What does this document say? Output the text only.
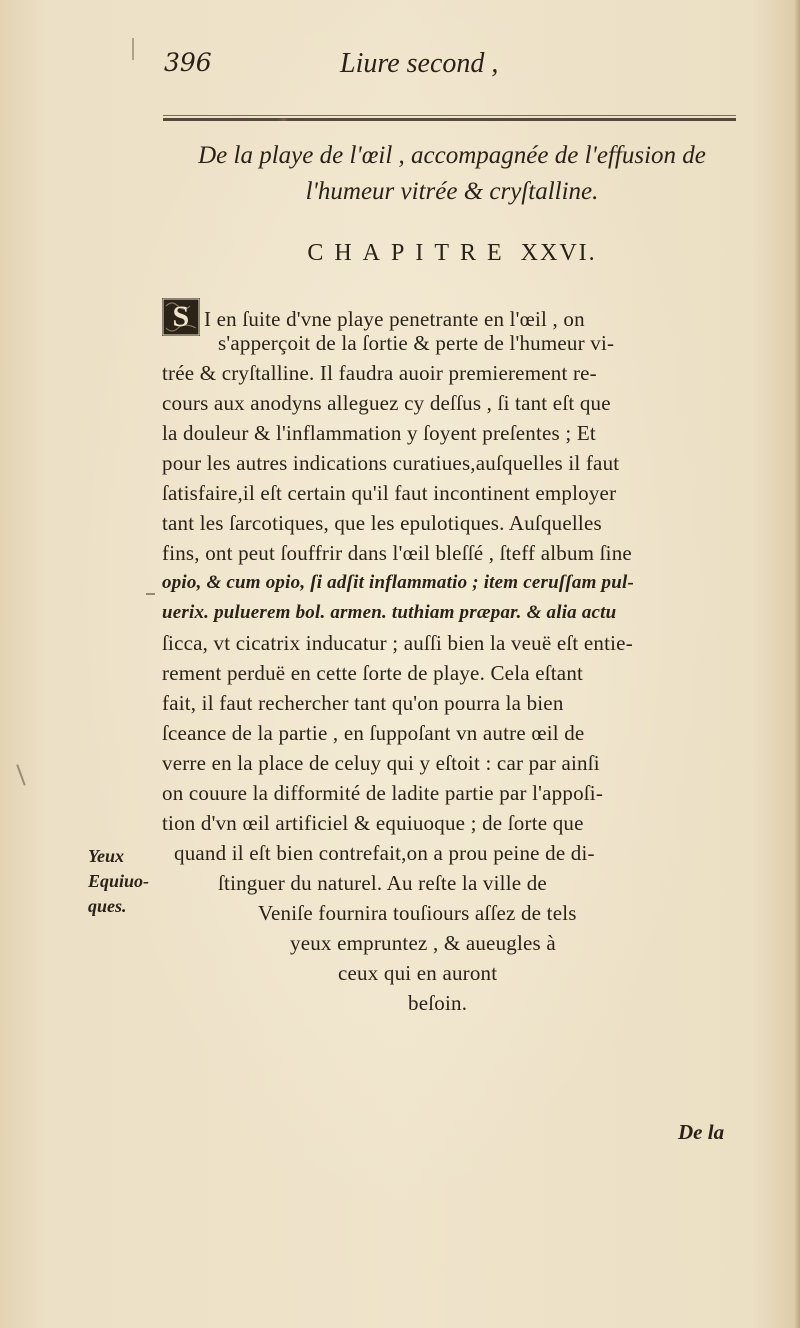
396	Liure second ,
De la playe de l'œil , accompagnée de l'effusion de
l'humeur vitrée & cryſtalline.
CHAPITRE XXVI.
S I en ſuite d'vne playe penetrante en l'œil , on
s'apperçoit de la ſortie & perte de l'humeur vi-
trée & cryſtalline. Il faudra auoir premierement re-
cours aux anodyns alleguez cy deſſus , ſi tant eſt que
la douleur & l'inflammation y ſoyent preſentes ; Et
pour les autres indications curatiues,auſquelles il faut
ſatisfaire,il eſt certain qu'il faut incontinent employer
tant les ſarcotiques, que les epulotiques. Auſquelles
fins, ont peut ſouffrir dans l'œil bleſſé , ſteff album ſine
opio, & cum opio, ſi adſit inflammatio ; item ceruſſam pul-
uerix. puluerem bol. armen. tuthiam præpar. & alia actu
ſicca, vt cicatrix inducatur ; auſſi bien la veuë eſt entie-
rement perduë en cette ſorte de playe. Cela eſtant
fait, il faut rechercher tant qu'on pourra la bien
ſceance de la partie , en ſuppoſant vn autre œil de
verre en la place de celuy qui y eſtoit : car par ainſi
on couure la difformité de ladite partie par l'appoſi-
tion d'vn œil artificiel & equiuoque ; de ſorte que
quand il eſt bien contrefait,on a prou peine de di-
ſtinguer du naturel. Au reſte la ville de
Veniſe fournira touſiours aſſez de tels
yeux empruntez , & aueugles à
ceux qui en auront
beſoin.
Yeux
Equiuo-
ques.
De la
